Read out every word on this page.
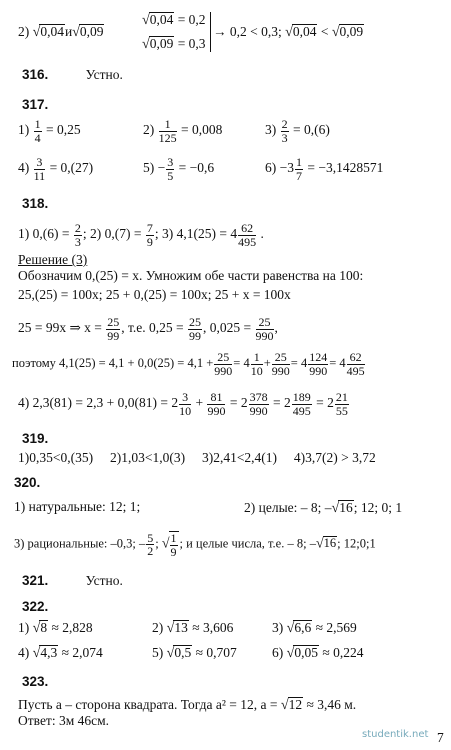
2) √0,04и√0,09
√0,04 = 0,2
√0,09 = 0,3
→ 0,2 < 0,3; √0,04 < √0,09
316.	Устно.
317.
$1) \frac{1}{4} = 0,25$	$2) \frac{1}{125} = 0,008$	$3) \frac{2}{3} = 0,(6)$
$4) \frac{3}{11} = 0,(27)$	$5) - \frac{3}{5} = -0,6$	$6) -3 \frac{1}{7} = -3,1428571$
318.
1) $0,(6) = \frac{2}{3}$ ; 2) $0,(7) = \frac{7}{9}$ ; 3) $4,1(25) = 4 \frac{62}{495}$ .
Решение (3)
Обозначим 0,(25) = x. Умножим обе части равенства на 100:
25,(25) = 100x; 25 + 0,(25) = 100x; 25 + x = 100x
25 = 99x ⇒ $x = \frac{25}{99}$ , т.е. $0,25 = \frac{25}{99}$ , $0,025 = \frac{25}{990}$ ,
поэтому $4,1(25) = 4,1 + 0,0(25) = 4,1 + \frac{25}{990} = 4 \frac{1}{10} + \frac{25}{990} = 4 \frac{124}{990} = 4 \frac{62}{495}$
4) $2,3(81) = 2,3 + 0,0(81) = 2 \frac{3}{10} + \frac{81}{990} = 2 \frac{378}{990} = 2 \frac{189}{495} = 2 \frac{21}{55}$
319.
1)0,35<0,(35)     2)1,03<1,0(3)     3)2,41<2,4(1)     4)3,7(2) > 3,72
320.
1) натуральные: 12; 1;	2) целые: – 8; –√16; 12; 0; 1
3) рациональные: –0,3; – $\frac{5}{2}$ ; √ $\frac{1}{9}$ ; и целые числа, т.е. – 8; –√16; 12;0;1
321.	Устно.
322.
1) √8 ≈ 2,828	2) √13 ≈ 3,606	3) √6,6 ≈ 2,569
4) √4,3 ≈ 2,074	5) √0,5 ≈ 0,707	6) √0,05 ≈ 0,224
323.
Пусть a – сторона квадрата. Тогда a² = 12, a = √12 ≈ 3,46 м.
Ответ: 3м 46см.
studentik.net 7
